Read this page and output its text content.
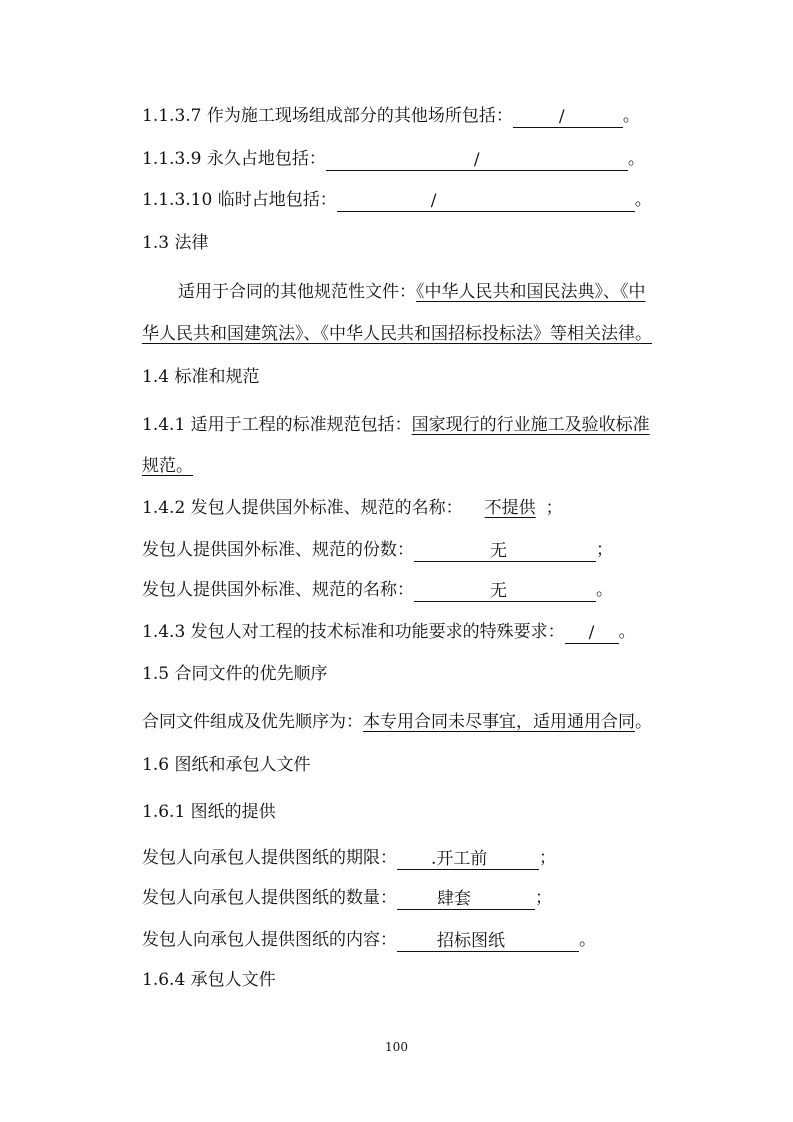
1.1.3.7 作为施工现场组成部分的其他场所包括：	/	。
1.1.3.9 永久占地包括：	/	。
1.1.3.10 临时占地包括：	/	。
1.3 法律
适用于合同的其他规范性文件：《中华人民共和国民法典》、《中
华人民共和国建筑法》、《中华人民共和国招标投标法》等相关法律。
1.4 标准和规范
1.4.1 适用于工程的标准规范包括：国家现行的行业施工及验收标准
规范。
1.4.2 发包人提供国外标准、规范的名称： 不提供 ；
发包人提供国外标准、规范的份数：	无	；
发包人提供国外标准、规范的名称：	无	。
1.4.3 发包人对工程的技术标准和功能要求的特殊要求： / 。
1.5 合同文件的优先顺序
合同文件组成及优先顺序为：本专用合同未尽事宜，适用通用合同。
1.6 图纸和承包人文件
1.6.1 图纸的提供
发包人向承包人提供图纸的期限： .开工前	；
发包人向承包人提供图纸的数量： 肆套	；
发包人向承包人提供图纸的内容： 招标图纸	。
1.6.4 承包人文件
100
